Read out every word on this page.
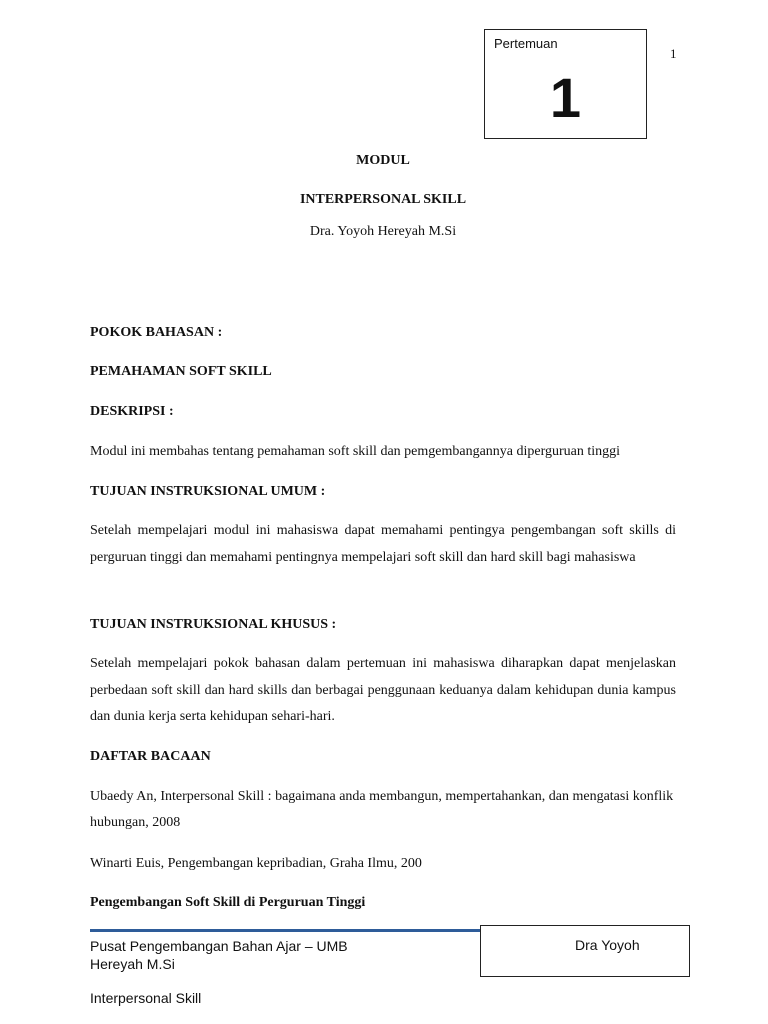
Pertemuan
1
1
MODUL
INTERPERSONAL SKILL
Dra. Yoyoh Hereyah M.Si
POKOK BAHASAN :
PEMAHAMAN SOFT SKILL
DESKRIPSI :
Modul ini membahas tentang pemahaman soft skill dan pemgembangannya diperguruan tinggi
TUJUAN INSTRUKSIONAL UMUM :
Setelah mempelajari modul ini mahasiswa dapat memahami pentingya pengembangan soft skills di perguruan tinggi dan memahami pentingnya mempelajari soft skill dan hard skill bagi mahasiswa
TUJUAN INSTRUKSIONAL KHUSUS :
Setelah mempelajari pokok bahasan dalam pertemuan ini mahasiswa diharapkan dapat menjelaskan perbedaan soft skill dan hard skills dan berbagai penggunaan keduanya dalam kehidupan dunia kampus dan dunia kerja serta kehidupan sehari-hari.
DAFTAR BACAAN
Ubaedy An, Interpersonal Skill : bagaimana anda membangun, mempertahankan, dan mengatasi konflik hubungan, 2008
Winarti Euis, Pengembangan kepribadian, Graha Ilmu, 200
Pengembangan Soft Skill di Perguruan Tinggi
Pusat Pengembangan Bahan Ajar – UMB
Hereyah M.Si
Dra Yoyoh
Interpersonal Skill
